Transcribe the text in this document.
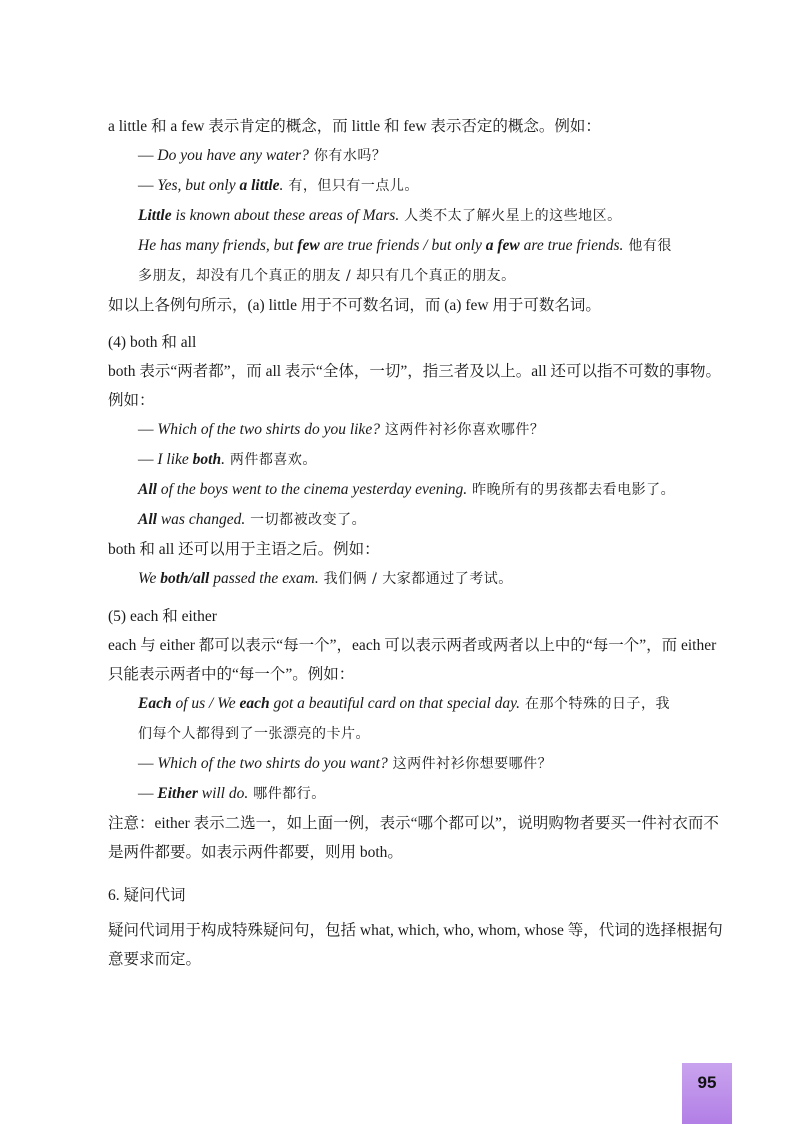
a little 和 a few 表示肯定的概念，而 little 和 few 表示否定的概念。例如：

— Do you have any water? 你有水吗？

— Yes, but only a little. 有，但只有一点儿。

Little is known about these areas of Mars. 人类不太了解火星上的这些地区。

He has many friends, but few are true friends / but only a few are true friends. 他有很

多朋友，却没有几个真正的朋友 / 却只有几个真正的朋友。

如以上各例句所示，(a) little 用于不可数名词，而 (a) few 用于可数名词。

(4) both 和 all

both 表示“两者都”，而 all 表示“全体，一切”，指三者及以上。all 还可以指不可数的事物。例如：

— Which of the two shirts do you like? 这两件衬衫你喜欢哪件？

— I like both. 两件都喜欢。

All of the boys went to the cinema yesterday evening. 昨晚所有的男孩都去看电影了。

All was changed. 一切都被改变了。

both 和 all 还可以用于主语之后。例如：

We both/all passed the exam. 我们俩 / 大家都通过了考试。

(5) each 和 either

each 与 either 都可以表示“每一个”，each 可以表示两者或两者以上中的“每一个”，而 either 只能表示两者中的“每一个”。例如：

Each of us / We each got a beautiful card on that special day. 在那个特殊的日子，我

们每个人都得到了一张漂亮的卡片。

— Which of the two shirts do you want? 这两件衬衫你想要哪件？

— Either will do. 哪件都行。

注意：either 表示二选一，如上面一例，表示“哪个都可以”，说明购物者要买一件衬衣而不是两件都要。如表示两件都要，则用 both。

6. 疑问代词

疑问代词用于构成特殊疑问句，包括 what, which, who, whom, whose 等，代词的选择根据句意要求而定。

95
